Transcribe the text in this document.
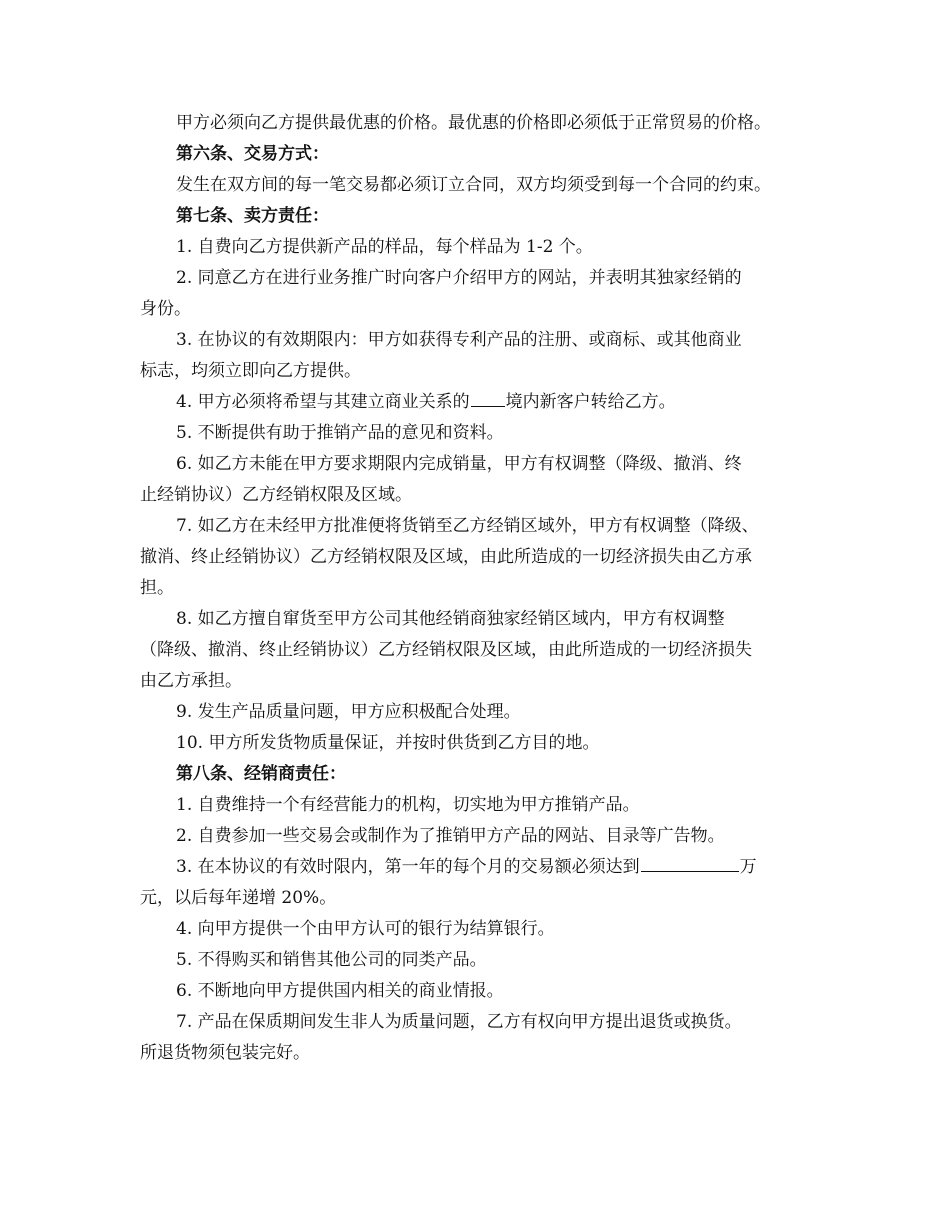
甲方必须向乙方提供最优惠的价格。最优惠的价格即必须低于正常贸易的价格。
第六条、交易方式：
发生在双方间的每一笔交易都必须订立合同，双方均须受到每一个合同的约束。
第七条、卖方责任：
1. 自费向乙方提供新产品的样品，每个样品为 1-2 个。
2. 同意乙方在进行业务推广时向客户介绍甲方的网站，并表明其独家经销的
身份。
3. 在协议的有效期限内：甲方如获得专利产品的注册、或商标、或其他商业
标志，均须立即向乙方提供。
4. 甲方必须将希望与其建立商业关系的 境内新客户转给乙方。
5. 不断提供有助于推销产品的意见和资料。
6. 如乙方未能在甲方要求期限内完成销量，甲方有权调整（降级、撤消、终
止经销协议）乙方经销权限及区域。
7. 如乙方在未经甲方批准便将货销至乙方经销区域外，甲方有权调整（降级、
撤消、终止经销协议）乙方经销权限及区域，由此所造成的一切经济损失由乙方承
担。
8. 如乙方擅自窜货至甲方公司其他经销商独家经销区域内，甲方有权调整
（降级、撤消、终止经销协议）乙方经销权限及区域，由此所造成的一切经济损失
由乙方承担。
9. 发生产品质量问题，甲方应积极配合处理。
10. 甲方所发货物质量保证，并按时供货到乙方目的地。
第八条、经销商责任：
1. 自费维持一个有经营能力的机构，切实地为甲方推销产品。
2. 自费参加一些交易会或制作为了推销甲方产品的网站、目录等广告物。
3. 在本协议的有效时限内，第一年的每个月的交易额必须达到	万
元，以后每年递增 20%。
4. 向甲方提供一个由甲方认可的银行为结算银行。
5. 不得购买和销售其他公司的同类产品。
6. 不断地向甲方提供国内相关的商业情报。
7. 产品在保质期间发生非人为质量问题，乙方有权向甲方提出退货或换货。
所退货物须包装完好。
